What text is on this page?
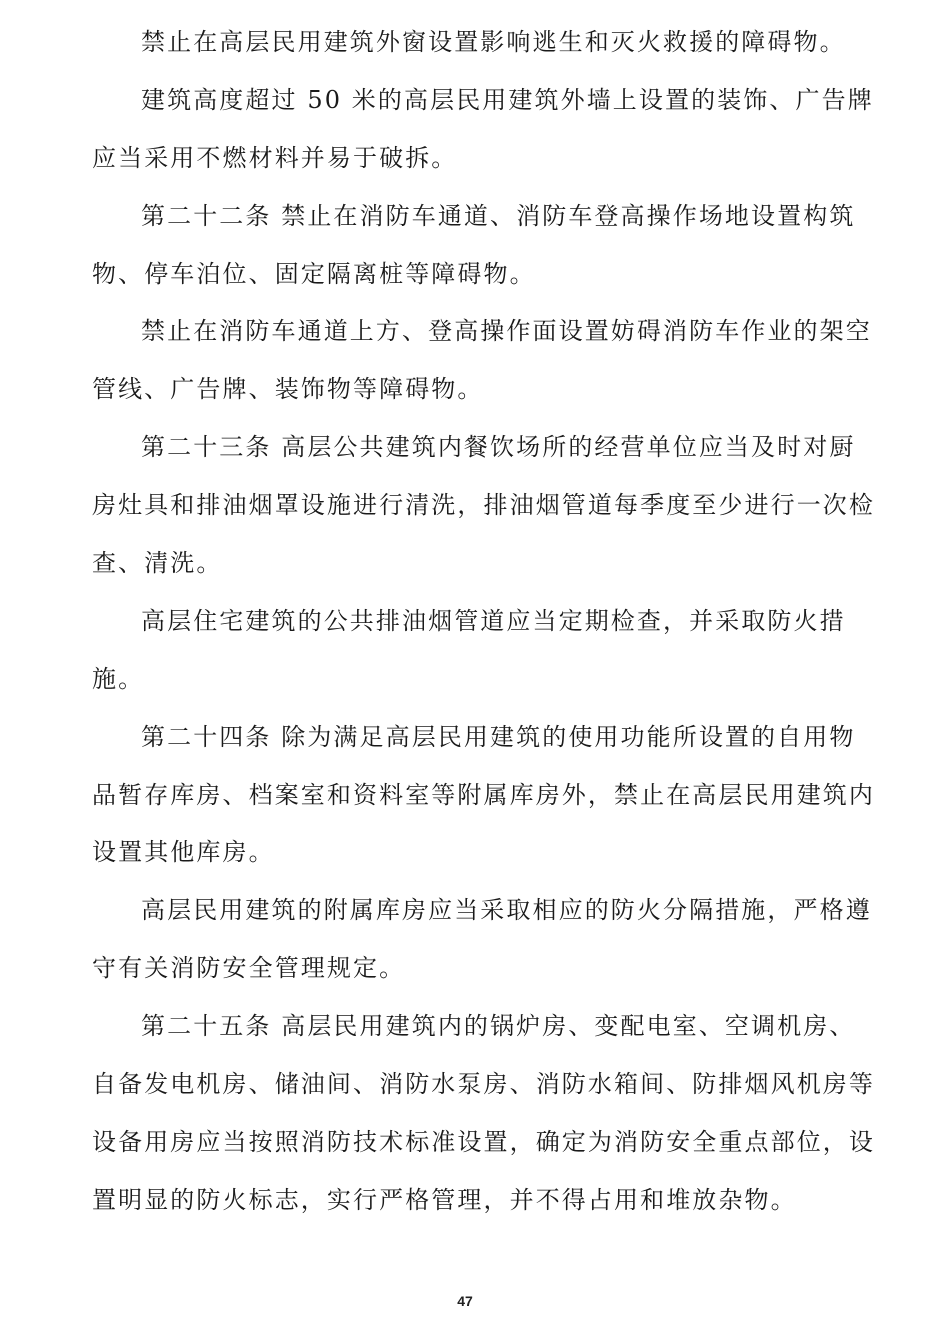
禁止在高层民用建筑外窗设置影响逃生和灭火救援的障碍物。
建筑高度超过 50 米的高层民用建筑外墙上设置的装饰、广告牌
应当采用不燃材料并易于破拆。
第二十二条 禁止在消防车通道、消防车登高操作场地设置构筑
物、停车泊位、固定隔离桩等障碍物。
禁止在消防车通道上方、登高操作面设置妨碍消防车作业的架空
管线、广告牌、装饰物等障碍物。
第二十三条 高层公共建筑内餐饮场所的经营单位应当及时对厨
房灶具和排油烟罩设施进行清洗，排油烟管道每季度至少进行一次检
查、清洗。
高层住宅建筑的公共排油烟管道应当定期检查，并采取防火措
施。
第二十四条 除为满足高层民用建筑的使用功能所设置的自用物
品暂存库房、档案室和资料室等附属库房外，禁止在高层民用建筑内
设置其他库房。
高层民用建筑的附属库房应当采取相应的防火分隔措施，严格遵
守有关消防安全管理规定。
第二十五条 高层民用建筑内的锅炉房、变配电室、空调机房、
自备发电机房、储油间、消防水泵房、消防水箱间、防排烟风机房等
设备用房应当按照消防技术标准设置，确定为消防安全重点部位，设
置明显的防火标志，实行严格管理，并不得占用和堆放杂物。
47
